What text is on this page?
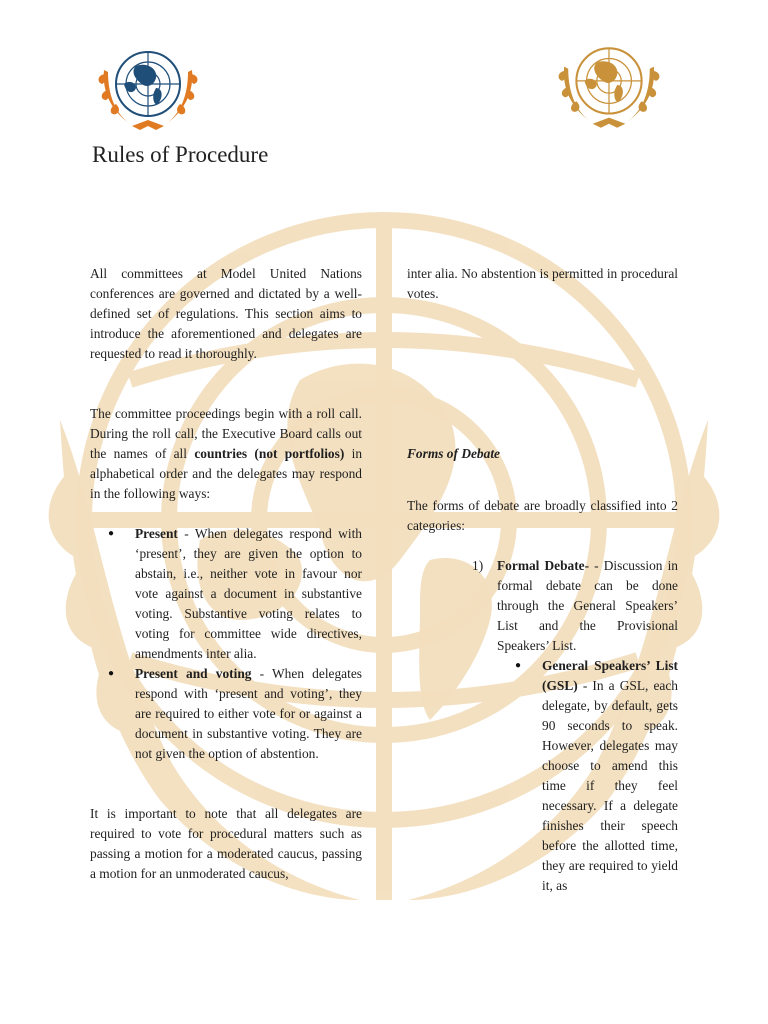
Rules of Procedure

All committees at Model United Nations conferences are governed and dictated by a well-defined set of regulations. This section aims to introduce the aforementioned and delegates are requested to read it thoroughly.

The committee proceedings begin with a roll call. During the roll call, the Executive Board calls out the names of all countries (not portfolios) in alphabetical order and the delegates may respond in the following ways:

● Present - When delegates respond with ‘present’, they are given the option to abstain, i.e., neither vote in favour nor vote against a document in substantive voting. Substantive voting relates to voting for committee wide directives, amendments inter alia.
● Present and voting - When delegates respond with ‘present and voting’, they are required to either vote for or against a document in substantive voting. They are not given the option of abstention.

It is important to note that all delegates are required to vote for procedural matters such as passing a motion for a moderated caucus, passing a motion for an unmoderated caucus,

inter alia. No abstention is permitted in procedural votes.

Forms of Debate

The forms of debate are broadly classified into 2 categories:

1) Formal Debate- - Discussion in formal debate can be done through the General Speakers’ List and the Provisional Speakers’ List.
● General Speakers’ List (GSL) - In a GSL, each delegate, by default, gets 90 seconds to speak. However, delegates may choose to amend this time if they feel necessary. If a delegate finishes their speech before the allotted time, they are required to yield it, as
